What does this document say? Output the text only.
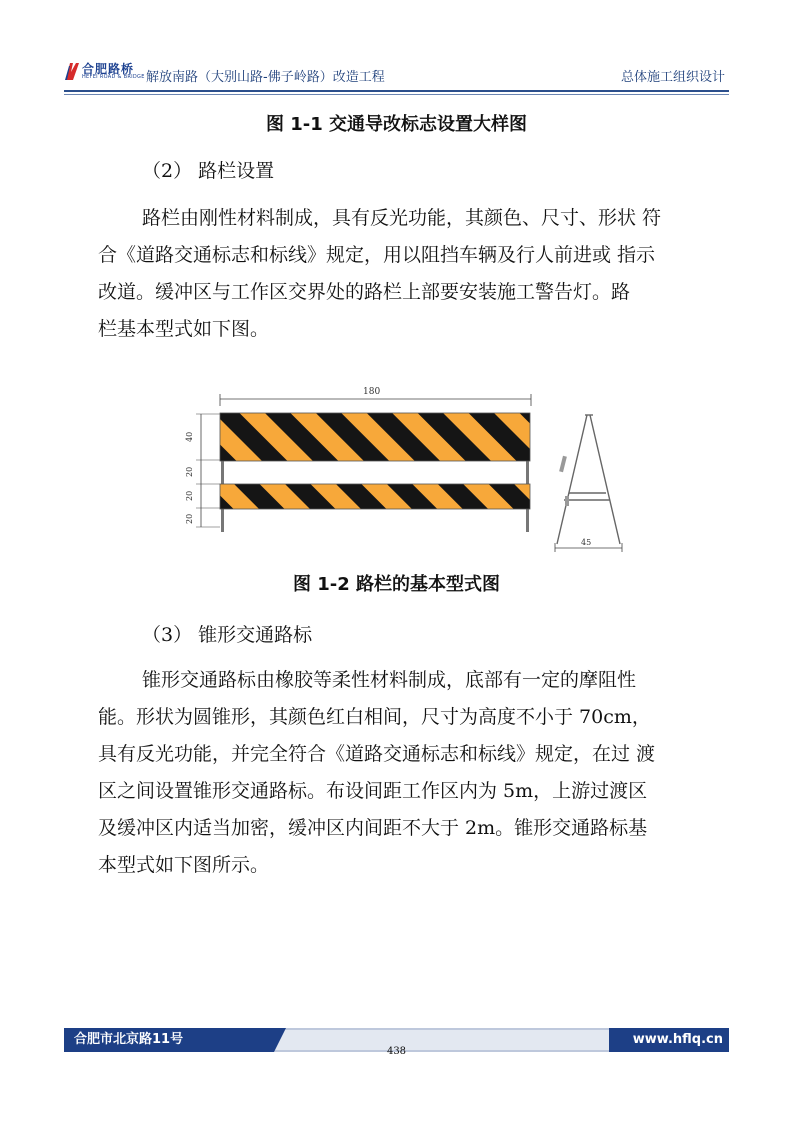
合肥路桥
HEFEI ROAD & BRIDGE 解放南路（大别山路-佛子岭路）改造工程	总体施工组织设计
图 1-1 交通导改标志设置大样图
（2） 路栏设置
路栏由刚性材料制成，具有反光功能，其颜色、尺寸、形状 符
合《道路交通标志和标线》规定，用以阻挡车辆及行人前进或 指示
改道。缓冲区与工作区交界处的路栏上部要安装施工警告灯。路
栏基本型式如下图。
180
40
20
20
20
45
图 1-2 路栏的基本型式图
（3） 锥形交通路标
锥形交通路标由橡胶等柔性材料制成，底部有一定的摩阻性
能。形状为圆锥形，其颜色红白相间，尺寸为高度不小于 70cm，
具有反光功能，并完全符合《道路交通标志和标线》规定，在过 渡
区之间设置锥形交通路标。布设间距工作区内为 5m，上游过渡区
及缓冲区内适当加密，缓冲区内间距不大于 2m。锥形交通路标基
本型式如下图所示。
合肥市北京路11号	www.hflq.cn
438
